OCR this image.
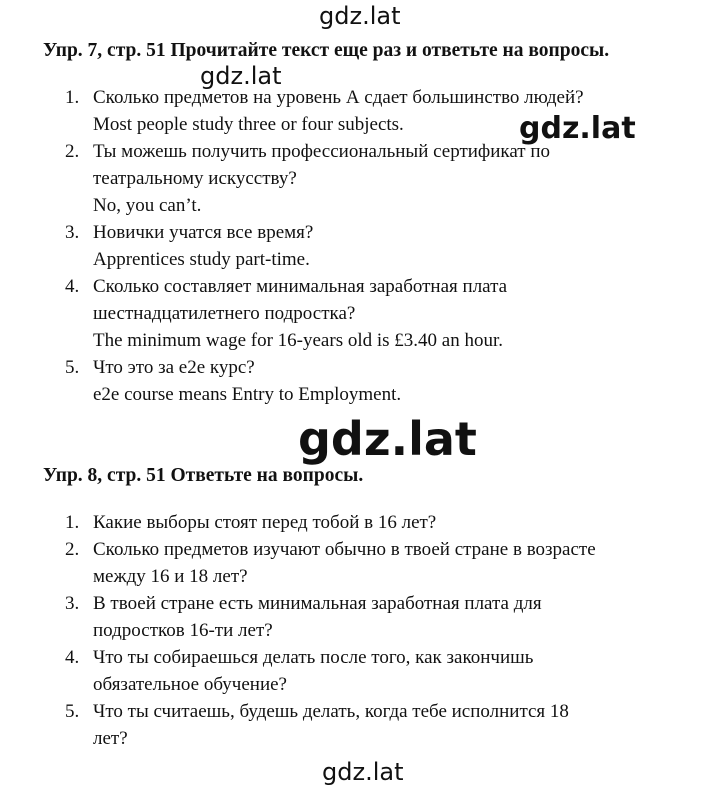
gdz.lat
gdz.lat
gdz.lat
gdz.lat
gdz.lat
Упр. 7, стр. 51 Прочитайте текст еще раз и ответьте на вопросы.
1. Сколько предметов на уровень А сдает большинство людей?
Most people study three or four subjects.
2. Ты можешь получить профессиональный сертификат по
театральному искусству?
No, you can’t.
3. Новички учатся все время?
Apprentices study part-time.
4. Сколько составляет минимальная заработная плата
шестнадцатилетнего подростка?
The minimum wage for 16-years old is £3.40 an hour.
5. Что это за e2e курс?
e2e course means Entry to Employment.
Упр. 8, стр. 51 Ответьте на вопросы.
1. Какие выборы стоят перед тобой в 16 лет?
2. Сколько предметов изучают обычно в твоей стране в возрасте
между 16 и 18 лет?
3. В твоей стране есть минимальная заработная плата для
подростков 16-ти лет?
4. Что ты собираешься делать после того, как закончишь
обязательное обучение?
5. Что ты считаешь, будешь делать, когда тебе исполнится 18
лет?
